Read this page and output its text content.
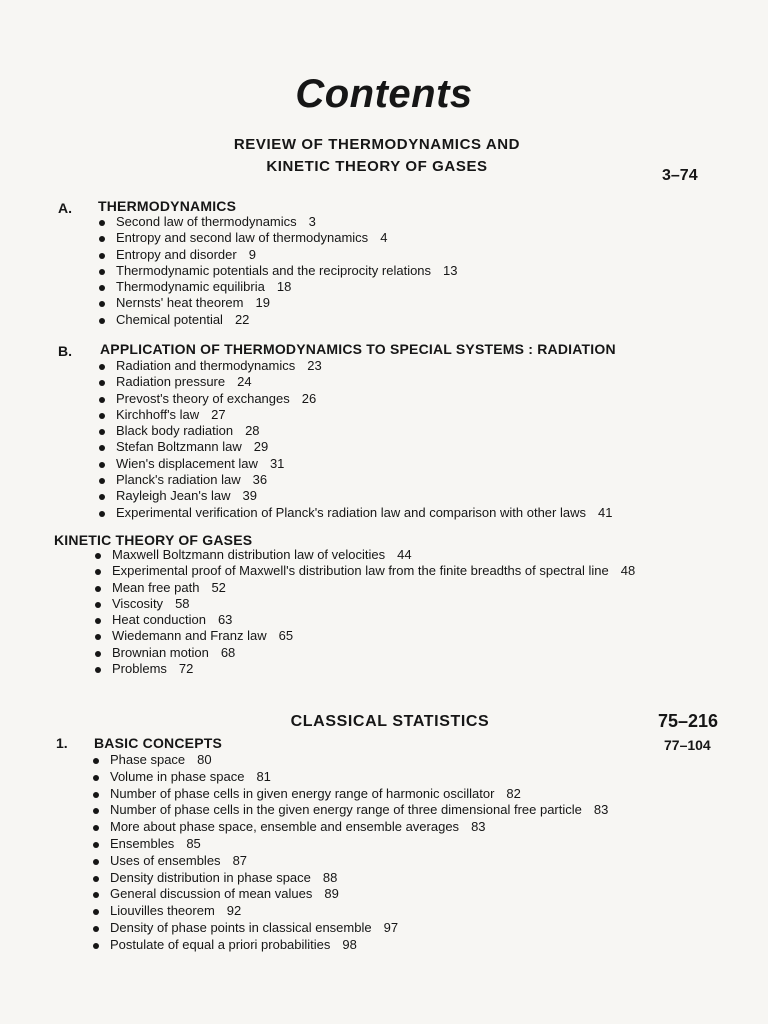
Contents
REVIEW OF THERMODYNAMICS AND
KINETIC THEORY OF GASES
3–74
A. THERMODYNAMICS
Second law of thermodynamics 3
Entropy and second law of thermodynamics 4
Entropy and disorder 9
Thermodynamic potentials and the reciprocity relations 13
Thermodynamic equilibria 18
Nernsts' heat theorem 19
Chemical potential 22
B. APPLICATION OF THERMODYNAMICS TO SPECIAL SYSTEMS : RADIATION
Radiation and thermodynamics 23
Radiation pressure 24
Prevost's theory of exchanges 26
Kirchhoff's law 27
Black body radiation 28
Stefan Boltzmann law 29
Wien's displacement law 31
Planck's radiation law 36
Rayleigh Jean's law 39
Experimental verification of Planck's radiation law and comparison with other laws 41
KINETIC THEORY OF GASES
Maxwell Boltzmann distribution law of velocities 44
Experimental proof of Maxwell's distribution law from the finite breadths of spectral line 48
Mean free path 52
Viscosity 58
Heat conduction 63
Wiedemann and Franz law 65
Brownian motion 68
Problems 72
CLASSICAL STATISTICS	75–216
1. BASIC CONCEPTS	77–104
Phase space 80
Volume in phase space 81
Number of phase cells in given energy range of harmonic oscillator 82
Number of phase cells in the given energy range of three dimensional free particle 83
More about phase space, ensemble and ensemble averages 83
Ensembles 85
Uses of ensembles 87
Density distribution in phase space 88
General discussion of mean values 89
Liouvilles theorem 92
Density of phase points in classical ensemble 97
Postulate of equal a priori probabilities 98
